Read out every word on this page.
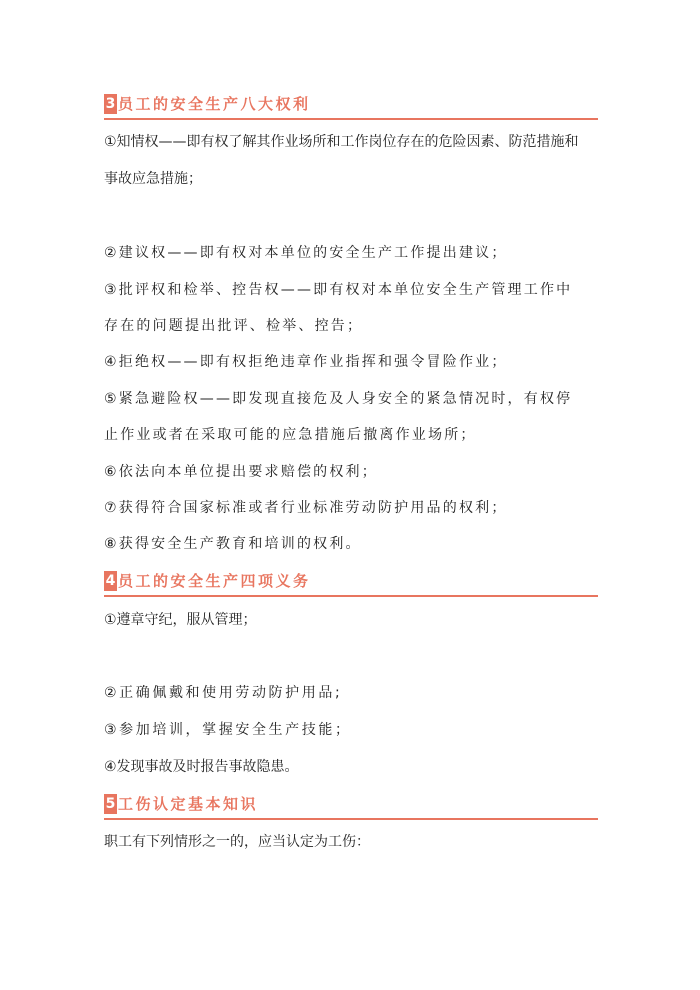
3 员工的安全生产八大权利
①知情权——即有权了解其作业场所和工作岗位存在的危险因素、防范措施和
事故应急措施；
②建议权——即有权对本单位的安全生产工作提出建议；
③批评权和检举、控告权——即有权对本单位安全生产管理工作中
存在的问题提出批评、检举、控告；
④拒绝权——即有权拒绝违章作业指挥和强令冒险作业；
⑤紧急避险权——即发现直接危及人身安全的紧急情况时，有权停
止作业或者在采取可能的应急措施后撤离作业场所；
⑥依法向本单位提出要求赔偿的权利；
⑦获得符合国家标准或者行业标准劳动防护用品的权利；
⑧获得安全生产教育和培训的权利。
4 员工的安全生产四项义务
①遵章守纪，服从管理；
②正确佩戴和使用劳动防护用品;
③参加培训，掌握安全生产技能；
④发现事故及时报告事故隐患。
5 工伤认定基本知识
职工有下列情形之一的，应当认定为工伤：
